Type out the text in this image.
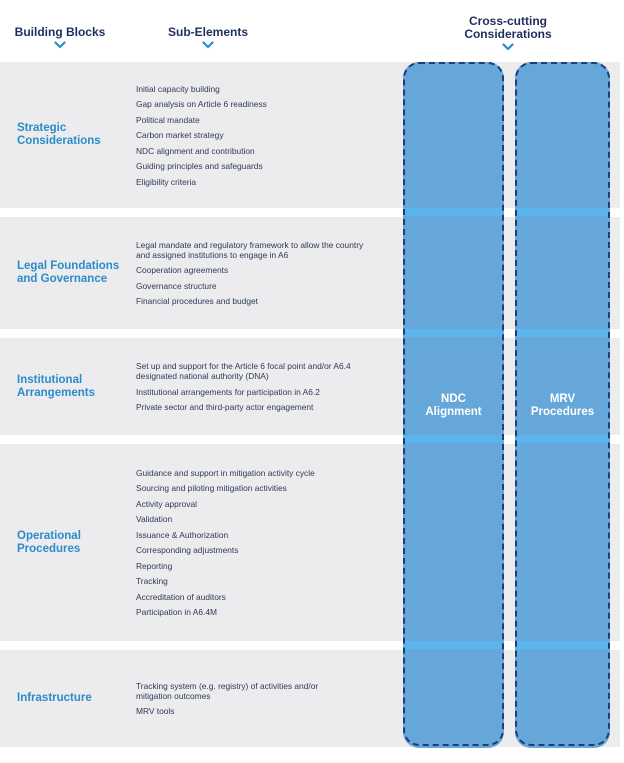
Building Blocks	Sub-Elements
Cross-cutting Considerations
Strategic Considerations
Legal Foundations and Governance
Institutional Arrangements
Operational Procedures
Infrastructure
Initial capacity building
Gap analysis on Article 6 readiness
Political mandate
Carbon market strategy
NDC alignment and contribution
Guiding principles and safeguards
Eligibility criteria
Legal mandate and regulatory framework to allow the country and assigned institutions to engage in A6
Cooperation agreements
Governance structure
Financial procedures and budget
Set up and support for the Article 6 focal point and/or A6.4 designated national authority (DNA)
Institutional arrangements for participation in A6.2
Private sector and third-party actor engagement
Guidance and support in mitigation activity cycle
Sourcing and piloting mitigation activities
Activity approval
Validation
Issuance & Authorization
Corresponding adjustments
Reporting
Tracking
Accreditation of auditors
Participation in A6.4M
Tracking system (e.g. registry) of activities and/or mitigation outcomes
MRV tools
NDC Alignment
MRV Procedures
